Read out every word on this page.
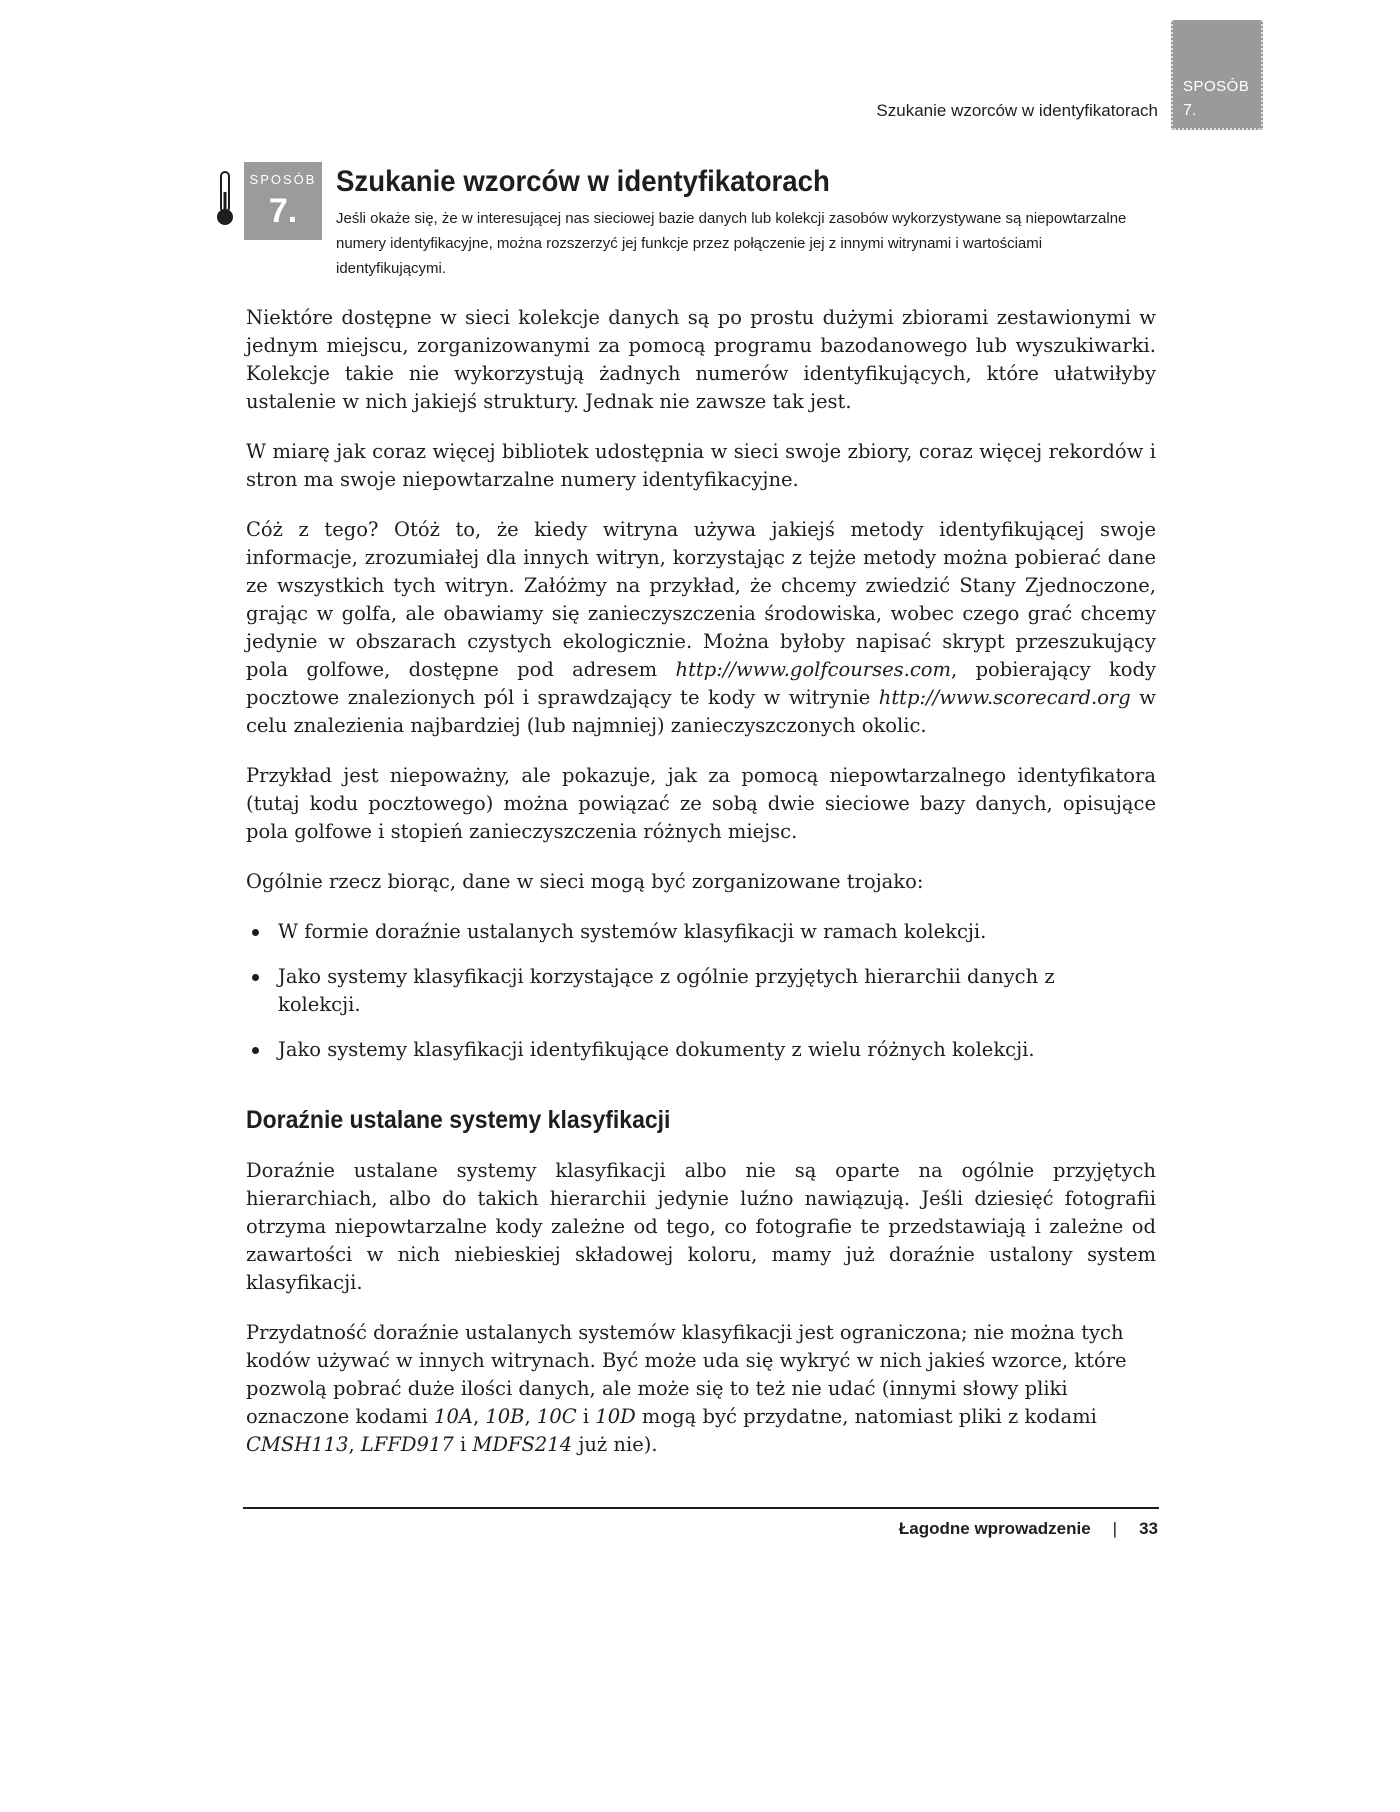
SPOSÓB
7.
Szukanie wzorców w identyfikatorach
SPOSÓB
7.
Szukanie wzorców w identyfikatorach

Jeśli okaże się, że w interesującej nas sieciowej bazie danych lub kolekcji zasobów wykorzystywane są niepowtarzalne numery identyfikacyjne, można rozszerzyć jej funkcje przez połączenie jej z innymi witrynami i wartościami identyfikującymi.

Niektóre dostępne w sieci kolekcje danych są po prostu dużymi zbiorami zestawionymi w jednym miejscu, zorganizowanymi za pomocą programu bazodanowego lub wyszukiwarki. Kolekcje takie nie wykorzystują żadnych numerów identyfikujących, które ułatwiłyby ustalenie w nich jakiejś struktury. Jednak nie zawsze tak jest.

W miarę jak coraz więcej bibliotek udostępnia w sieci swoje zbiory, coraz więcej rekordów i stron ma swoje niepowtarzalne numery identyfikacyjne.

Cóż z tego? Otóż to, że kiedy witryna używa jakiejś metody identyfikującej swoje informacje, zrozumiałej dla innych witryn, korzystając z tejże metody można pobierać dane ze wszystkich tych witryn. Załóżmy na przykład, że chcemy zwiedzić Stany Zjednoczone, grając w golfa, ale obawiamy się zanieczyszczenia środowiska, wobec czego grać chcemy jedynie w obszarach czystych ekologicznie. Można byłoby napisać skrypt przeszukujący pola golfowe, dostępne pod adresem http://www.golfcourses.com, pobierający kody pocztowe znalezionych pól i sprawdzający te kody w witrynie http://www.scorecard.org w celu znalezienia najbardziej (lub najmniej) zanieczyszczonych okolic.

Przykład jest niepoważny, ale pokazuje, jak za pomocą niepowtarzalnego identyfikatora (tutaj kodu pocztowego) można powiązać ze sobą dwie sieciowe bazy danych, opisujące pola golfowe i stopień zanieczyszczenia różnych miejsc.

Ogólnie rzecz biorąc, dane w sieci mogą być zorganizowane trojako:

W formie doraźnie ustalanych systemów klasyfikacji w ramach kolekcji.
Jako systemy klasyfikacji korzystające z ogólnie przyjętych hierarchii danych z kolekcji.
Jako systemy klasyfikacji identyfikujące dokumenty z wielu różnych kolekcji.
Doraźnie ustalane systemy klasyfikacji

Doraźnie ustalane systemy klasyfikacji albo nie są oparte na ogólnie przyjętych hierarchiach, albo do takich hierarchii jedynie luźno nawiązują. Jeśli dziesięć fotografii otrzyma niepowtarzalne kody zależne od tego, co fotografie te przedstawiają i zależne od zawartości w nich niebieskiej składowej koloru, mamy już doraźnie ustalony system klasyfikacji.

Przydatność doraźnie ustalanych systemów klasyfikacji jest ograniczona; nie można tych kodów używać w innych witrynach. Być może uda się wykryć w nich jakieś wzorce, które pozwolą pobrać duże ilości danych, ale może się to też nie udać (innymi słowy pliki oznaczone kodami 10A, 10B, 10C i 10D mogą być przydatne, natomiast pliki z kodami CMSH113, LFFD917 i MDFS214 już nie).

Łagodne wprowadzenie | 33
